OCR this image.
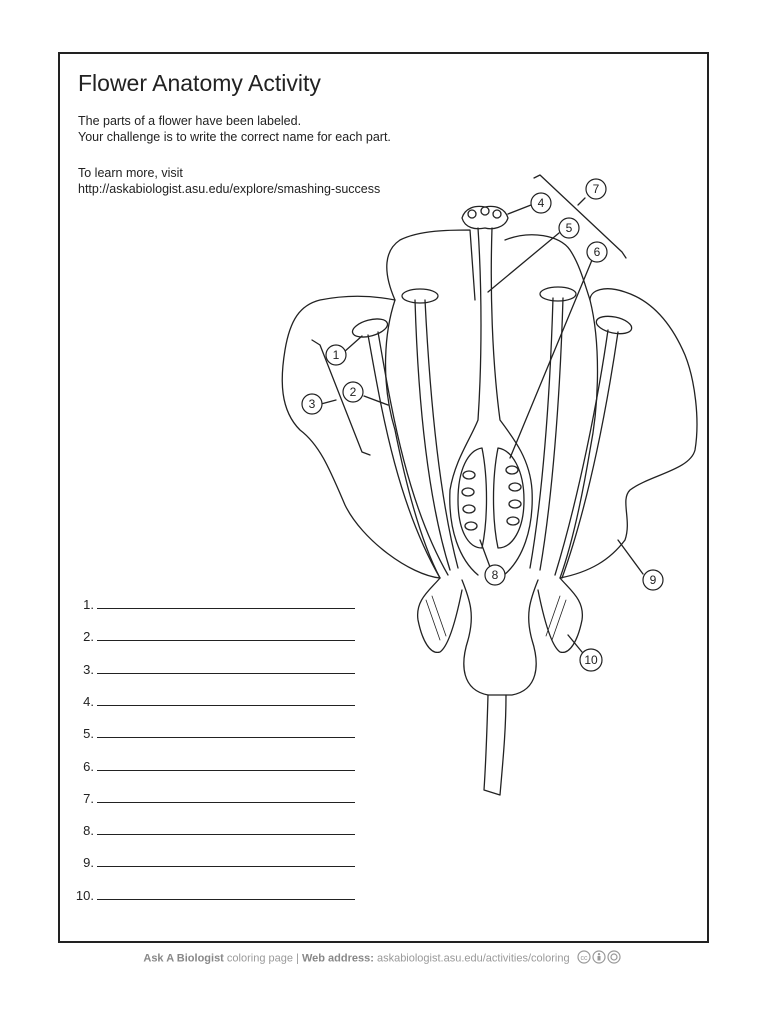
Flower Anatomy Activity
The parts of a flower have been labeled.
Your challenge is to write the correct name for each part.
To learn more, visit
http://askabiologist.asu.edu/explore/smashing-success
1
2
3
4
5
6
7
8	9
10
1.
2.
3.
4.
5.
6.
7.
8.
9.
10.
Ask A Biologist coloring page | Web address: askabiologist.asu.edu/activities/coloring cc
